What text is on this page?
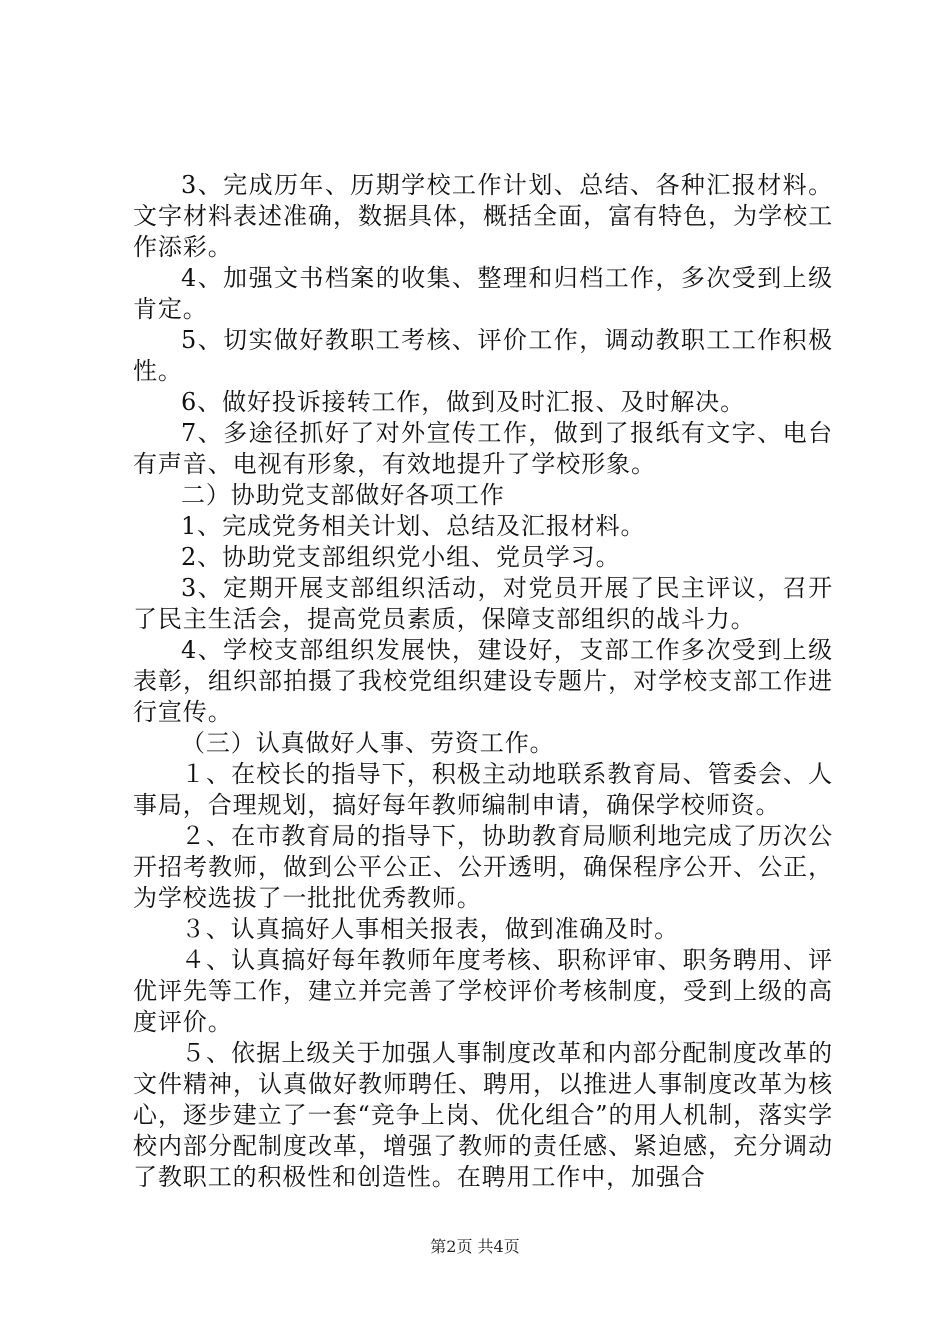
3、完成历年、历期学校工作计划、总结、各种汇报材料。文字材料表述准确，数据具体，概括全面，富有特色，为学校工作添彩。

4、加强文书档案的收集、整理和归档工作，多次受到上级肯定。

5、切实做好教职工考核、评价工作，调动教职工工作积极性。

6、做好投诉接转工作，做到及时汇报、及时解决。

7、多途径抓好了对外宣传工作，做到了报纸有文字、电台有声音、电视有形象，有效地提升了学校形象。

二）协助党支部做好各项工作

1、完成党务相关计划、总结及汇报材料。

2、协助党支部组织党小组、党员学习。

3、定期开展支部组织活动，对党员开展了民主评议，召开了民主生活会，提高党员素质，保障支部组织的战斗力。

4、学校支部组织发展快，建设好，支部工作多次受到上级表彰，组织部拍摄了我校党组织建设专题片，对学校支部工作进行宣传。

（三）认真做好人事、劳资工作。

１、在校长的指导下，积极主动地联系教育局、管委会、人事局，合理规划，搞好每年教师编制申请，确保学校师资。

２、在市教育局的指导下，协助教育局顺利地完成了历次公开招考教师，做到公平公正、公开透明，确保程序公开、公正，为学校选拔了一批批优秀教师。

３、认真搞好人事相关报表，做到准确及时。

４、认真搞好每年教师年度考核、职称评审、职务聘用、评优评先等工作，建立并完善了学校评价考核制度，受到上级的高度评价。

５、依据上级关于加强人事制度改革和内部分配制度改革的文件精神，认真做好教师聘任、聘用，以推进人事制度改革为核心，逐步建立了一套“竞争上岗、优化组合”的用人机制，落实学校内部分配制度改革，增强了教师的责任感、紧迫感，充分调动了教职工的积极性和创造性。在聘用工作中，加强合

第2页 共4页
